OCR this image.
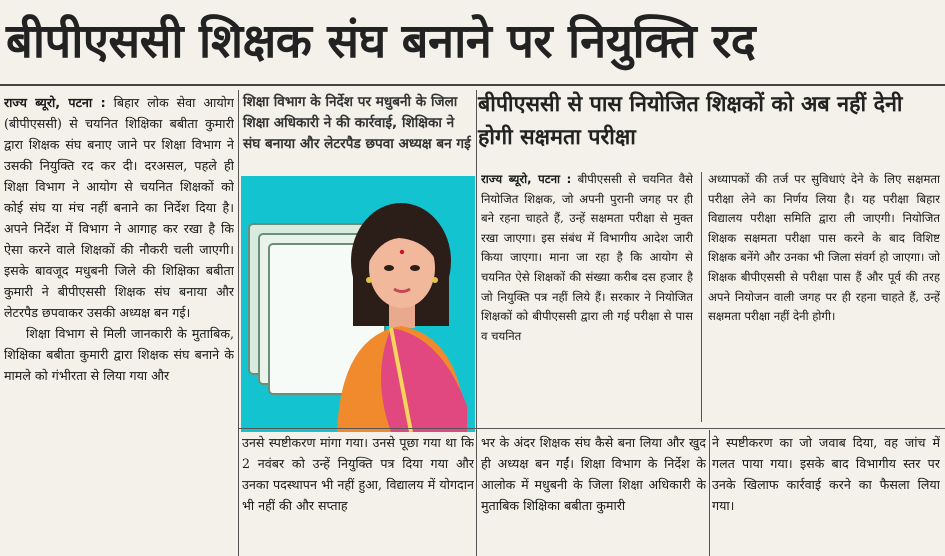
बीपीएससी शिक्षक संघ बनाने पर नियुक्ति रद

राज्य ब्यूरो, पटना : बिहार लोक सेवा आयोग (बीपीएससी) से चयनित शिक्षिका बबीता कुमारी द्वारा शिक्षक संघ बनाए जाने पर शिक्षा विभाग ने उसकी नियुक्ति रद कर दी। दरअसल, पहले ही शिक्षा विभाग ने आयोग से चयनित शिक्षकों को कोई संघ या मंच नहीं बनाने का निर्देश दिया है। अपने निर्देश में विभाग ने आगाह कर रखा है कि ऐसा करने वाले शिक्षकों की नौकरी चली जाएगी। इसके बावजूद मधुबनी जिले की शिक्षिका बबीता कुमारी ने बीपीएससी शिक्षक संघ बनाया और लेटरपैड छपवाकर उसकी अध्यक्ष बन गई।

शिक्षा विभाग से मिली जानकारी के मुताबिक, शिक्षिका बबीता कुमारी द्वारा शिक्षक संघ बनाने के मामले को गंभीरता से लिया गया और

शिक्षा विभाग के निर्देश पर मधुबनी के जिला शिक्षा अधिकारी ने की कार्रवाई, शिक्षिका ने संघ बनाया और लेटरपैड छपवा अध्यक्ष बन गई
बीपीएससी से पास नियोजित शिक्षकों को अब नहीं देनी होगी सक्षमता परीक्षा

राज्य ब्यूरो, पटना : बीपीएससी से चयनित वैसे नियोजित शिक्षक, जो अपनी पुरानी जगह पर ही बने रहना चाहते हैं, उन्हें सक्षमता परीक्षा से मुक्त रखा जाएगा। इस संबंध में विभागीय आदेश जारी किया जाएगा। माना जा रहा है कि आयोग से चयनित ऐसे शिक्षकों की संख्या करीब दस हजार है जो नियुक्ति पत्र नहीं लिये हैं। सरकार ने नियोजित शिक्षकों को बीपीएससी द्वारा ली गई परीक्षा से पास व चयनित

अध्यापकों की तर्ज पर सुविधाएं देने के लिए सक्षमता परीक्षा लेने का निर्णय लिया है। यह परीक्षा बिहार विद्यालय परीक्षा समिति द्वारा ली जाएगी। नियोजित शिक्षक सक्षमता परीक्षा पास करने के बाद विशिष्ट शिक्षक बनेंगे और उनका भी जिला संवर्ग हो जाएगा। जो शिक्षक बीपीएससी से परीक्षा पास हैं और पूर्व की तरह अपने नियोजन वाली जगह पर ही रहना चाहते हैं, उन्हें सक्षमता परीक्षा नहीं देनी होगी।

उनसे स्पष्टीकरण मांगा गया। उनसे पूछा गया था कि 2 नवंबर को उन्हें नियुक्ति पत्र दिया गया और उनका पदस्थापन भी नहीं हुआ, विद्यालय में योगदान भी नहीं की और सप्ताह

भर के अंदर शिक्षक संघ कैसे बना लिया और खुद ही अध्यक्ष बन गईं। शिक्षा विभाग के निर्देश के आलोक में मधुबनी के जिला शिक्षा अधिकारी के मुताबिक शिक्षिका बबीता कुमारी

ने स्पष्टीकरण का जो जवाब दिया, वह जांच में गलत पाया गया। इसके बाद विभागीय स्तर पर उनके खिलाफ कार्रवाई करने का फैसला लिया गया।
